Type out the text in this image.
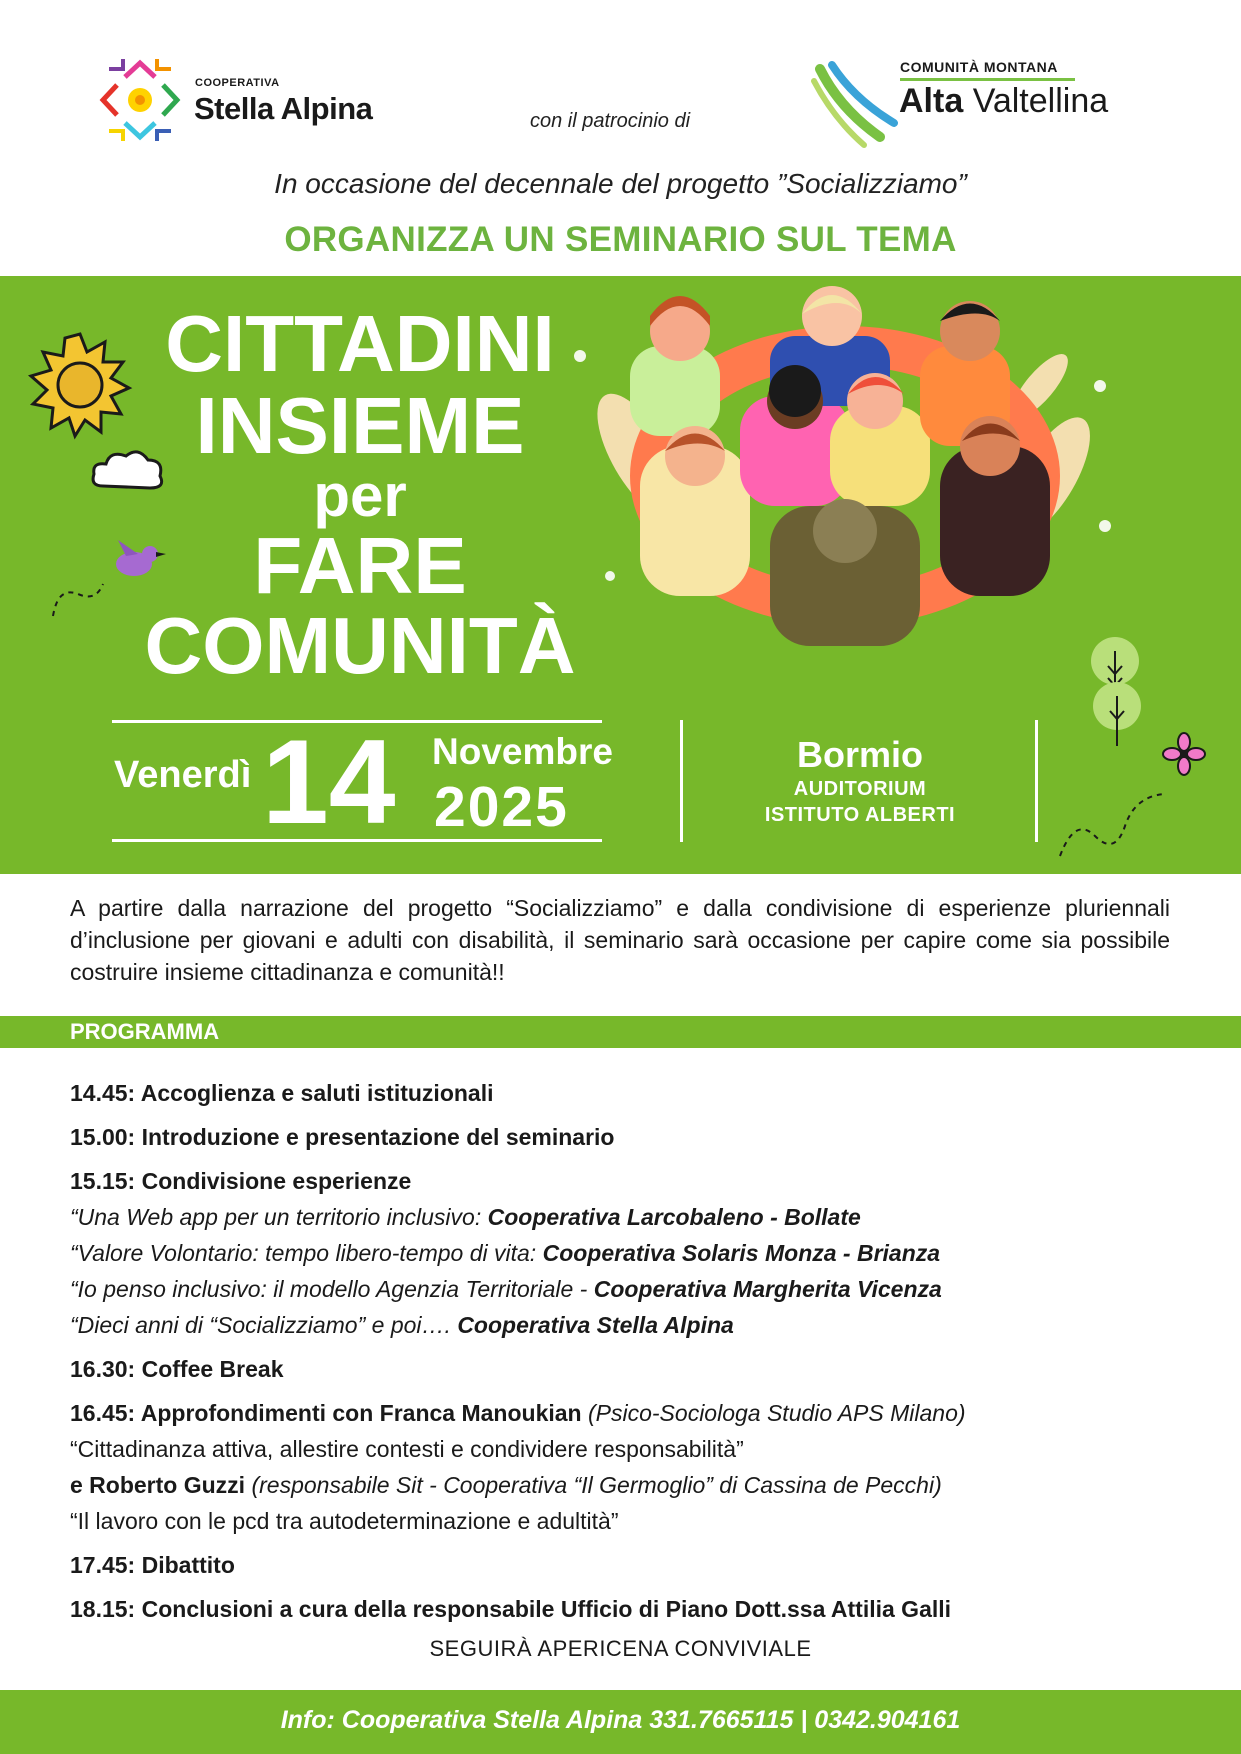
COOPERATIVA
Stella Alpina	con il patrocinio di
COMUNITÀ MONTANA
Alta Valtellina
In occasione del decennale del progetto ”Socializziamo”
ORGANIZZA UN SEMINARIO SUL TEMA
CITTADINI
INSIEME
per
FARE
COMUNITÀ
Venerdì 14 Novembre
2025
Bormio
AUDITORIUM
ISTITUTO ALBERTI
A partire dalla narrazione del progetto “Socializziamo” e dalla condivisione di esperienze pluriennali d’inclusione per giovani e adulti con disabilità, il seminario sarà occasione per capire come sia possibile costruire insieme cittadinanza e comunità!!
PROGRAMMA
14.45: Accoglienza e saluti istituzionali
15.00: Introduzione e presentazione del seminario
15.15: Condivisione esperienze
“Una Web app per un territorio inclusivo: Cooperativa Larcobaleno - Bollate
“Valore Volontario: tempo libero-tempo di vita: Cooperativa Solaris Monza - Brianza
“Io penso inclusivo: il modello Agenzia Territoriale - Cooperativa Margherita Vicenza
“Dieci anni di “Socializziamo” e poi…. Cooperativa Stella Alpina
16.30: Coffee Break
16.45: Approfondimenti con Franca Manoukian (Psico-Sociologa Studio APS Milano)
“Cittadinanza attiva, allestire contesti e condividere responsabilità”
e Roberto Guzzi (responsabile Sit - Cooperativa “Il Germoglio” di Cassina de Pecchi)
“Il lavoro con le pcd tra autodeterminazione e adultità”
17.45: Dibattito
18.15: Conclusioni a cura della responsabile Ufficio di Piano Dott.ssa Attilia Galli
SEGUIRÀ APERICENA CONVIVIALE
Info: Cooperativa Stella Alpina 331.7665115 | 0342.904161
